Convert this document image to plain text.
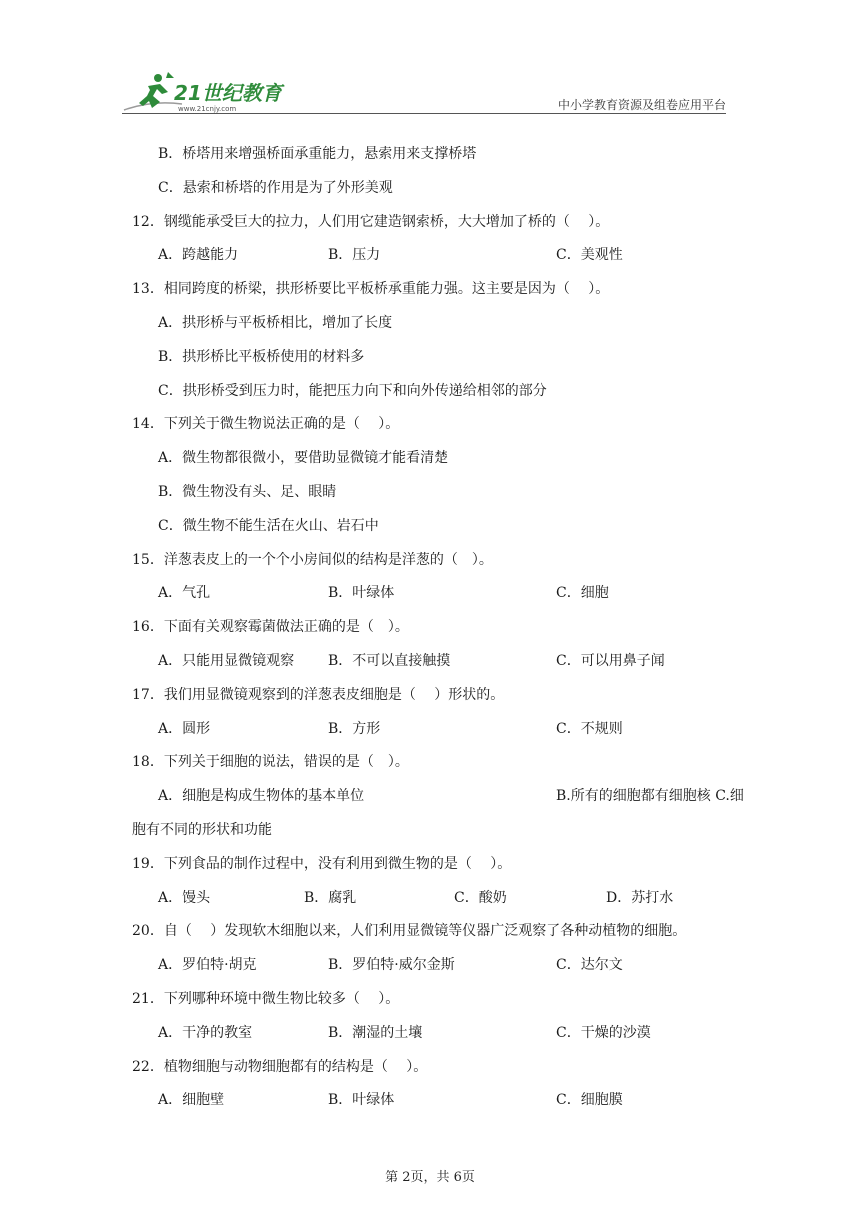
21世纪教育
www.21cnjy.com	中小学教育资源及组卷应用平台
B．桥塔用来增强桥面承重能力，悬索用来支撑桥塔
C．悬索和桥塔的作用是为了外形美观
12．钢缆能承受巨大的拉力，人们用它建造钢索桥，大大增加了桥的（　 ）。
A．跨越能力	B．压力	C．美观性
13．相同跨度的桥梁，拱形桥要比平板桥承重能力强。这主要是因为（　 ）。
A．拱形桥与平板桥相比，增加了长度
B．拱形桥比平板桥使用的材料多
C．拱形桥受到压力时，能把压力向下和向外传递给相邻的部分
14．下列关于微生物说法正确的是（　 ）。
A．微生物都很微小，要借助显微镜才能看清楚
B．微生物没有头、足、眼睛
C．微生物不能生活在火山、岩石中
15．洋葱表皮上的一个个小房间似的结构是洋葱的（　）。
A．气孔	B．叶绿体	C．细胞
16．下面有关观察霉菌做法正确的是（　）。
A．只能用显微镜观察 B．不可以直接触摸	C．可以用鼻子闻
17．我们用显微镜观察到的洋葱表皮细胞是（　 ）形状的。
A．圆形	B．方形	C．不规则
18．下列关于细胞的说法，错误的是（　）。
A．细胞是构成生物体的基本单位	B.所有的细胞都有细胞核 C.细
胞有不同的形状和功能
19．下列食品的制作过程中，没有利用到微生物的是（　 ）。
A．馒头	B．腐乳	C．酸奶	D．苏打水
20．自（　 ）发现软木细胞以来，人们利用显微镜等仪器广泛观察了各种动植物的细胞。
A．罗伯特·胡克	B．罗伯特·威尔金斯	C．达尔文
21．下列哪种环境中微生物比较多（　 ）。
A．干净的教室	B．潮湿的土壤	C．干燥的沙漠
22．植物细胞与动物细胞都有的结构是（　 ）。
A．细胞壁	B．叶绿体	C．细胞膜
第 2页，共 6页
